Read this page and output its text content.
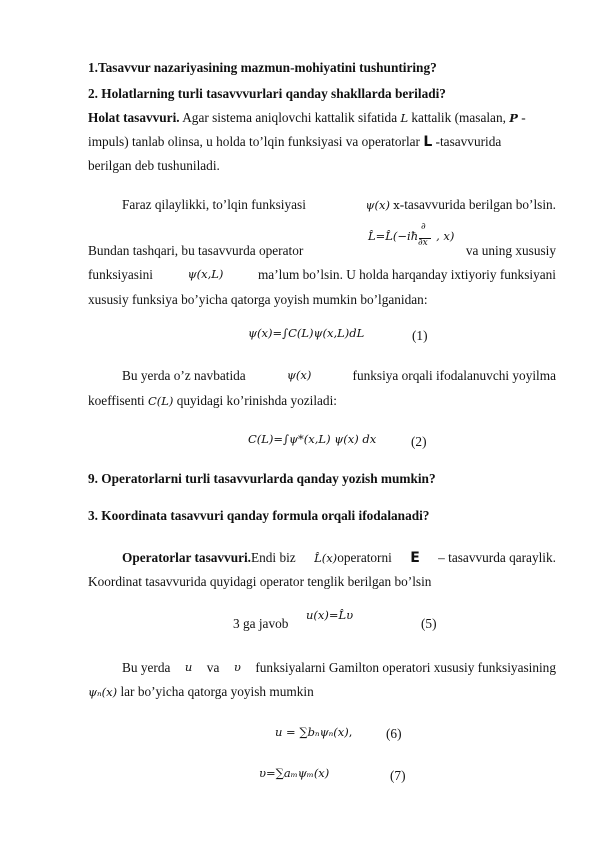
1.Tasavvur nazariyasining mazmun-mohiyatini tushuntiring?
2. Holatlarning turli tasavvvurlari qanday shakllarda beriladi?
Holat tasavvuri. Agar sistema aniqlovchi kattalik sifatida L kattalik (masalan, P -
impuls) tanlab olinsa, u holda to’lqin funksiyasi va operatorlar L -tasavvurida
berilgan deb tushuniladi.
Faraz qilaylikki, to’lqin funksiyasi	ψ(x) x-tasavvurida berilgan bo’lsin.
∂
L̂=L̂(−iħ , x)
∂x
Bundan tashqari, bu tasavvurda operator	va uning xususiy
funksiyasini	ψ(x,L)	ma’lum bo’lsin. U holda harqanday ixtiyoriy funksiyani
xususiy funksiya bo’yicha qatorga yoyish mumkin bo’lganidan:
ψ(x)=∫C(L)ψ(x,L)dL	(1)
Bu yerda o’z navbatida	ψ(x)	funksiya orqali ifodalanuvchi yoyilma
koeffisenti C(L) quyidagi ko’rinishda yoziladi:
C(L)=∫ψ*(x,L) ψ(x) dx	(2)
9. Operatorlarni turli tasavvurlarda qanday yozish mumkin?
3. Koordinata tasavvuri qanday formula orqali ifodalanadi?
Operatorlar tasavvuri.Endi biz L̂(x)operatorni E – tasavvurda qaraylik.
Koordinat tasavvurida quyidagi operator tenglik berilgan bo’lsin
3 ga javob
u(x)=L̂υ
(5)
Bu yerda u va υ funksiyalarni Gamilton operatori xususiy funksiyasining
ψₙ(x) lar bo’yicha qatorga yoyish mumkin
u = ∑bₙψₙ(x),	(6)
υ=∑aₘψₘ(x)	(7)
